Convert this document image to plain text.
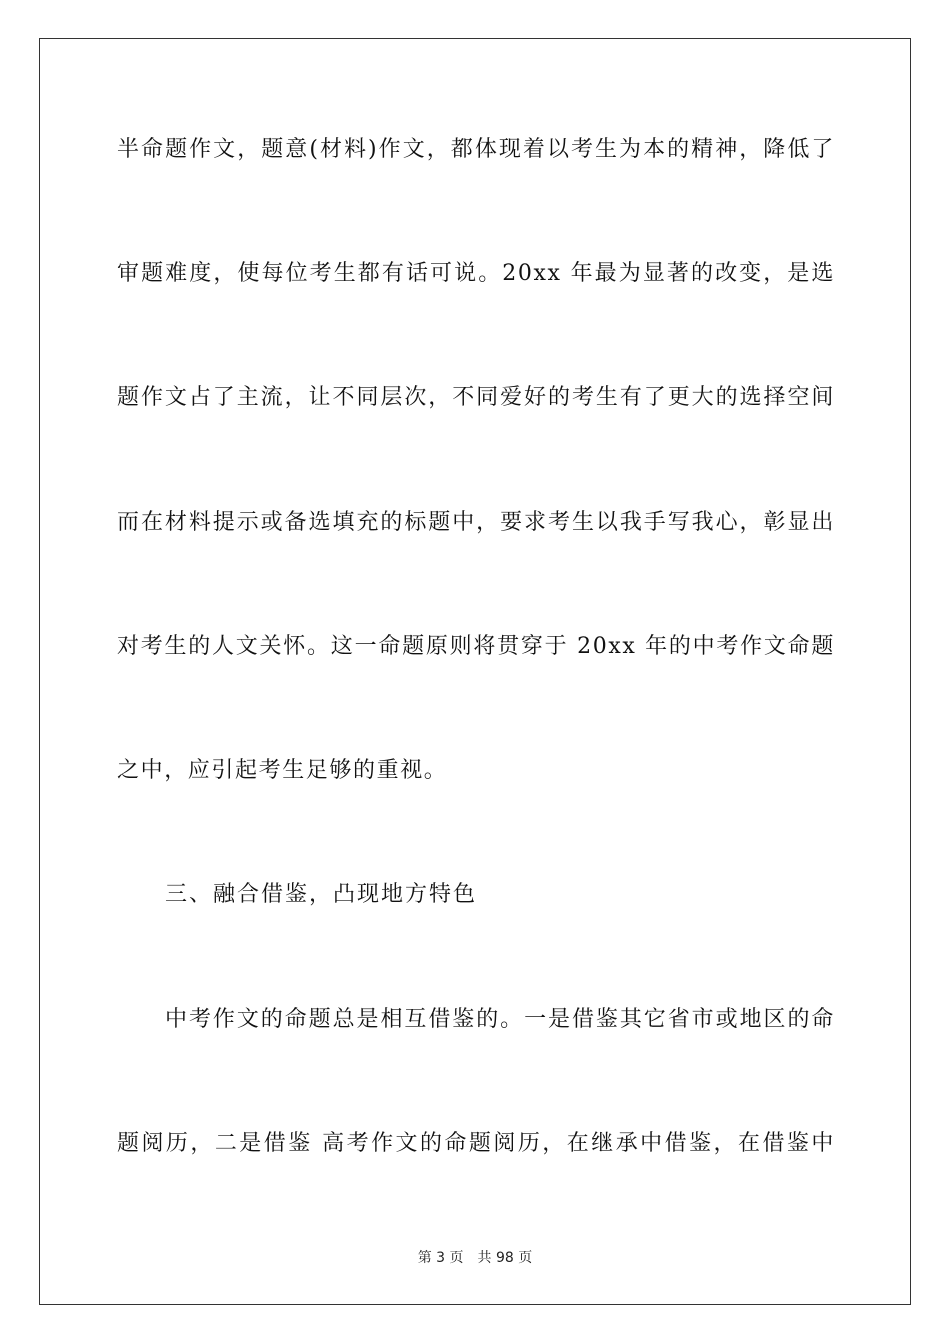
半命题作文，题意(材料)作文，都体现着以考生为本的精神，降低了
审题难度，使每位考生都有话可说。20xx 年最为显著的改变，是选
题作文占了主流，让不同层次，不同爱好的考生有了更大的选择空间
而在材料提示或备选填充的标题中，要求考生以我手写我心，彰显出
对考生的人文关怀。这一命题原则将贯穿于 20xx 年的中考作文命题
之中，应引起考生足够的重视。
三、融合借鉴，凸现地方特色
中考作文的命题总是相互借鉴的。一是借鉴其它省市或地区的命
题阅历，二是借鉴 高考作文的命题阅历，在继承中借鉴，在借鉴中
第 3 页 共 98 页
